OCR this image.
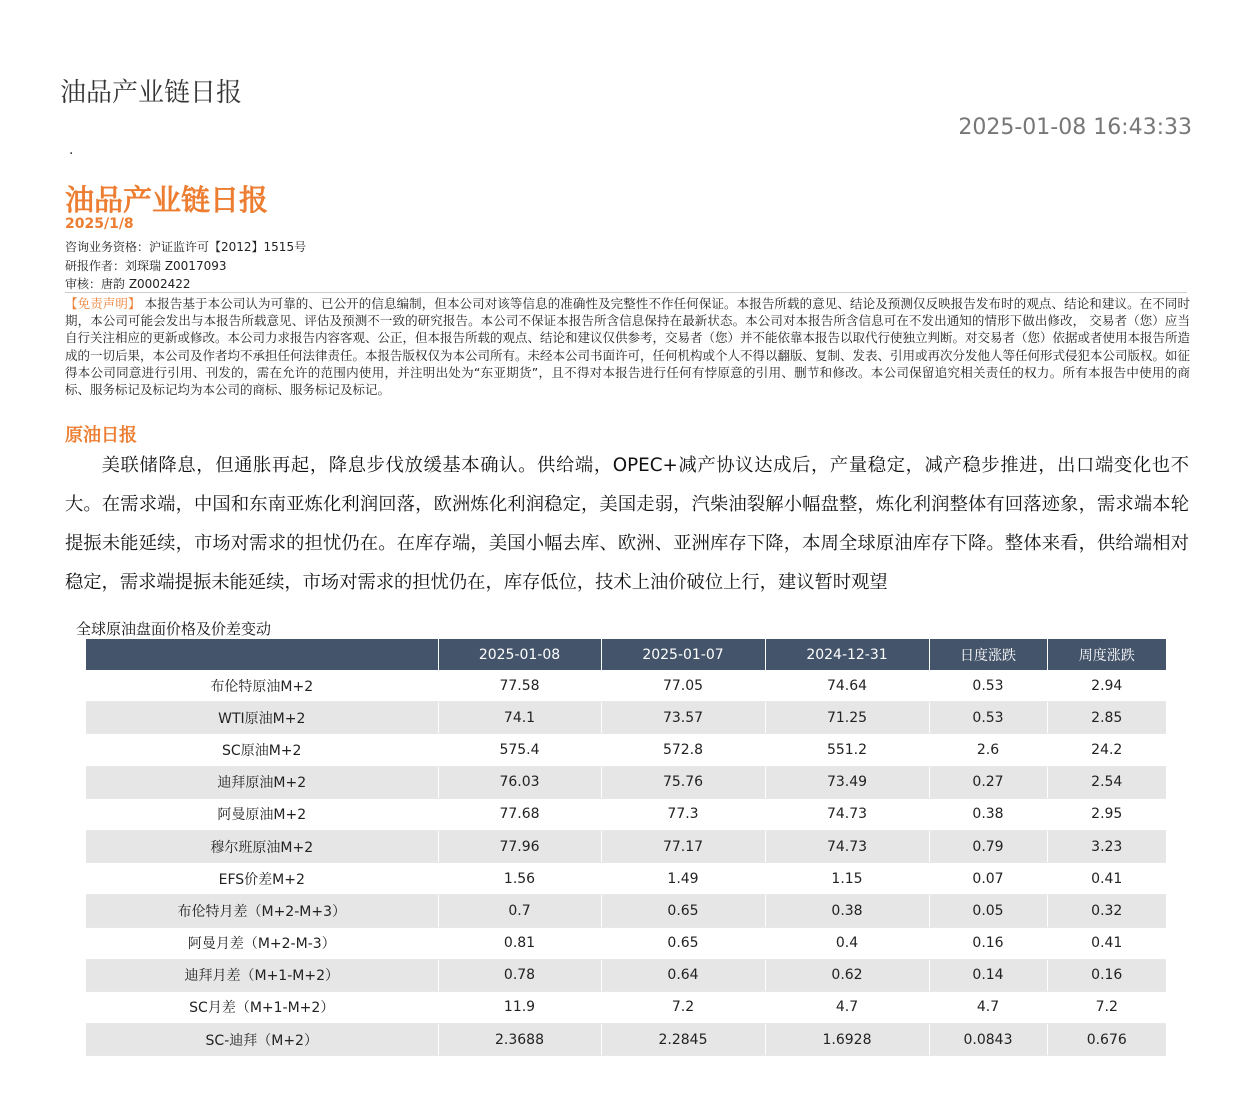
油品产业链日报
2025-01-08 16:43:33
.
油品产业链日报
2025/1/8
咨询业务资格：沪证监许可【2012】1515号
研报作者：刘琛瑞 Z0017093
审核：唐韵 Z0002422
【免责声明】 本报告基于本公司认为可靠的、已公开的信息编制，但本公司对该等信息的准确性及完整性不作任何保证。本报告所载的意见、结论及预测仅反映报告发布时的观点、结论和建议。在不同时期，本公司可能会发出与本报告所载意见、评估及预测不一致的研究报告。本公司不保证本报告所含信息保持在最新状态。本公司对本报告所含信息可在不发出通知的情形下做出修改， 交易者（您）应当自行关注相应的更新或修改。本公司力求报告内容客观、公正，但本报告所载的观点、结论和建议仅供参考，交易者（您）并不能依靠本报告以取代行使独立判断。对交易者（您）依据或者使用本报告所造成的一切后果，本公司及作者均不承担任何法律责任。本报告版权仅为本公司所有。未经本公司书面许可，任何机构或个人不得以翻版、复制、发表、引用或再次分发他人等任何形式侵犯本公司版权。如征得本公司同意进行引用、刊发的，需在允许的范围内使用，并注明出处为“东亚期货”，且不得对本报告进行任何有悖原意的引用、删节和修改。本公司保留追究相关责任的权力。所有本报告中使用的商标、服务标记及标记均为本公司的商标、服务标记及标记。
原油日报
美联储降息，但通胀再起，降息步伐放缓基本确认。供给端，OPEC+减产协议达成后，产量稳定，减产稳步推进，出口端变化也不大。在需求端，中国和东南亚炼化利润回落，欧洲炼化利润稳定，美国走弱，汽柴油裂解小幅盘整，炼化利润整体有回落迹象，需求端本轮提振未能延续，市场对需求的担忧仍在。在库存端，美国小幅去库、欧洲、亚洲库存下降，本周全球原油库存下降。整体来看，供给端相对稳定，需求端提振未能延续，市场对需求的担忧仍在，库存低位，技术上油价破位上行，建议暂时观望
全球原油盘面价格及价差变动
	2025-01-08	2025-01-07	2024-12-31	日度涨跌	周度涨跌
布伦特原油M+2	77.58	77.05	74.64	0.53	2.94
WTI原油M+2	74.1	73.57	71.25	0.53	2.85
SC原油M+2	575.4	572.8	551.2	2.6	24.2
迪拜原油M+2	76.03	75.76	73.49	0.27	2.54
阿曼原油M+2	77.68	77.3	74.73	0.38	2.95
穆尔班原油M+2	77.96	77.17	74.73	0.79	3.23
EFS价差M+2	1.56	1.49	1.15	0.07	0.41
布伦特月差（M+2-M+3）	0.7	0.65	0.38	0.05	0.32
阿曼月差（M+2-M-3）	0.81	0.65	0.4	0.16	0.41
迪拜月差（M+1-M+2）	0.78	0.64	0.62	0.14	0.16
SC月差（M+1-M+2）	11.9	7.2	4.7	4.7	7.2
SC-迪拜（M+2）	2.3688	2.2845	1.6928	0.0843	0.676
